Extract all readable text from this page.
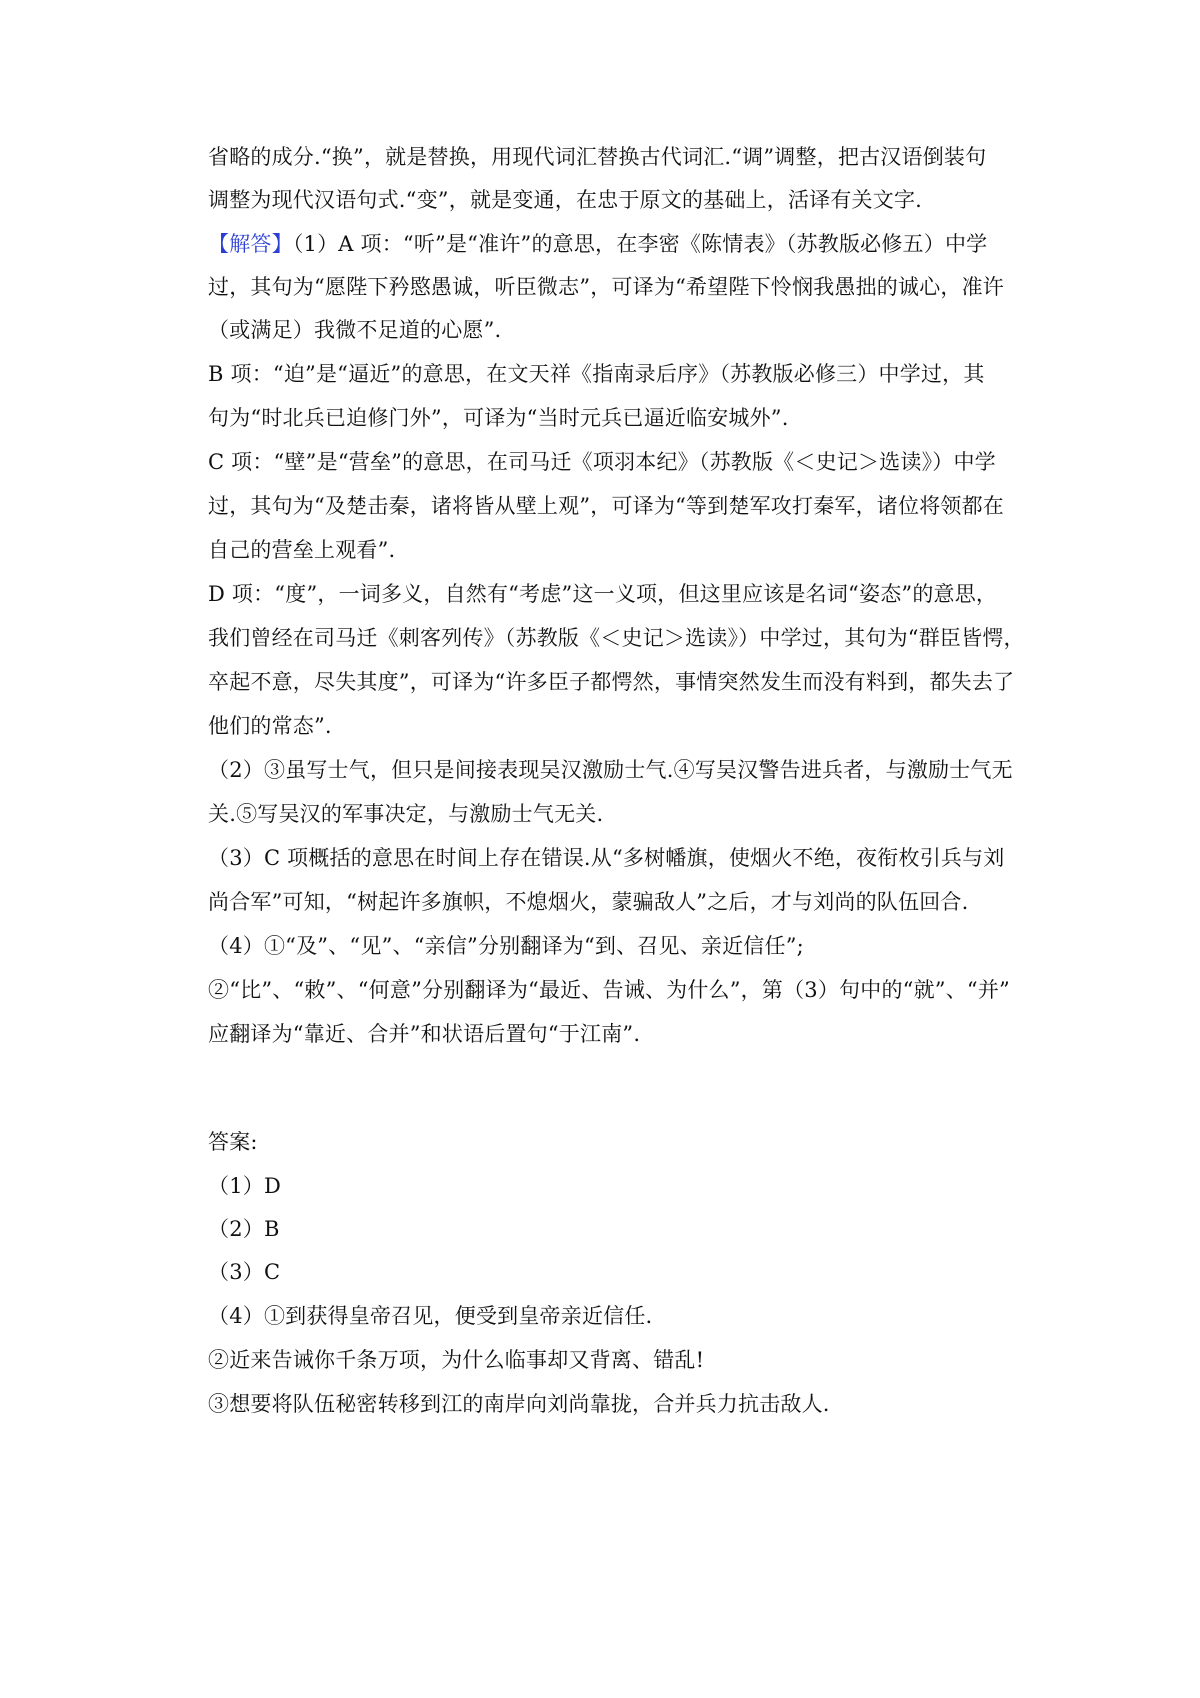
省略的成分.“换”，就是替换，用现代词汇替换古代词汇.“调”调整，把古汉语倒装句
调整为现代汉语句式.“变”，就是变通，在忠于原文的基础上，活译有关文字.
【解答】（1）A 项：“听”是“准许”的意思，在李密《陈情表》（苏教版必修五）中学
过，其句为“愿陛下矜愍愚诚，听臣微志”，可译为“希望陛下怜悯我愚拙的诚心，准许
（或满足）我微不足道的心愿”.
B 项：“迫”是“逼近”的意思，在文天祥《指南录后序》（苏教版必修三）中学过，其
句为“时北兵已迫修门外”，可译为“当时元兵已逼近临安城外”.
C 项：“壁”是“营垒”的意思，在司马迁《项羽本纪》（苏教版《＜史记＞选读》）中学
过，其句为“及楚击秦，诸将皆从壁上观”，可译为“等到楚军攻打秦军，诸位将领都在
自己的营垒上观看”.
D 项：“度”，一词多义，自然有“考虑”这一义项，但这里应该是名词“姿态”的意思，
我们曾经在司马迁《刺客列传》（苏教版《＜史记＞选读》）中学过，其句为“群臣皆愕，
卒起不意，尽失其度”，可译为“许多臣子都愕然，事情突然发生而没有料到，都失去了
他们的常态”.
（2）③虽写士气，但只是间接表现吴汉激励士气.④写吴汉警告进兵者，与激励士气无
关.⑤写吴汉的军事决定，与激励士气无关.
（3）C 项概括的意思在时间上存在错误.从“多树幡旗，使烟火不绝，夜衔枚引兵与刘
尚合军”可知，“树起许多旗帜，不熄烟火，蒙骗敌人”之后，才与刘尚的队伍回合.
（4）①“及”、“见”、“亲信”分别翻译为“到、召见、亲近信任”;
②“比”、“敕”、“何意”分别翻译为“最近、告诫、为什么”，第（3）句中的“就”、“并”
应翻译为“靠近、合并”和状语后置句“于江南”.
答案:
（1）D
（2）B
（3）C
（4）①到获得皇帝召见，便受到皇帝亲近信任.
②近来告诫你千条万项，为什么临事却又背离、错乱!
③想要将队伍秘密转移到江的南岸向刘尚靠拢，合并兵力抗击敌人.
